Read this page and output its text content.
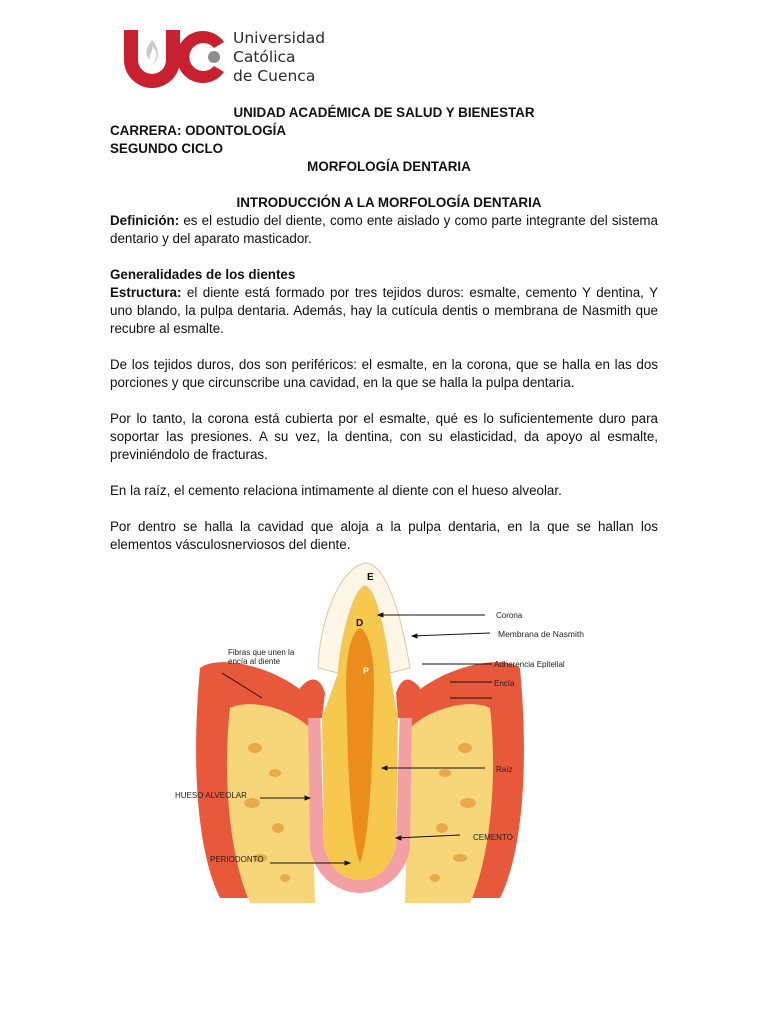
Universidad
Católica
de Cuenca
UNIDAD ACADÉMICA DE SALUD Y BIENESTAR
CARRERA: ODONTOLOGÍA
SEGUNDO CICLO
MORFOLOGÍA DENTARIA
INTRODUCCIÓN A LA MORFOLOGÍA DENTARIA

Definición: es el estudio del diente, como ente aislado y como parte integrante del sistema dentario y del aparato masticador.

Generalidades de los dientes

Estructura: el diente está formado por tres tejidos duros: esmalte, cemento Y dentina, Y uno blando, la pulpa dentaria. Además, hay la cutícula dentis o membrana de Nasmith que recubre al esmalte.

De los tejidos duros, dos son periféricos: el esmalte, en la corona, que se halla en las dos porciones y que circunscribe una cavidad, en la que se halla la pulpa dentaria.

Por lo tanto, la corona está cubierta por el esmalte, qué es lo suficientemente duro para soportar las presiones. A su vez, la dentina, con su elasticidad, da apoyo al esmalte, previniéndolo de fracturas.

En la raíz, el cemento relaciona intimamente al diente con el hueso alveolar.

Por dentro se halla la cavidad que aloja a la pulpa dentaria, en la que se hallan los elementos vásculosnerviosos del diente.

E
D
P
Corona
Membrana de Nasmith
Adherencia Epitelial
Encía
Raíz
CEMENTO
Fibras que unen la
encía al diente
HUESO ALVEOLAR
PERIODONTO
